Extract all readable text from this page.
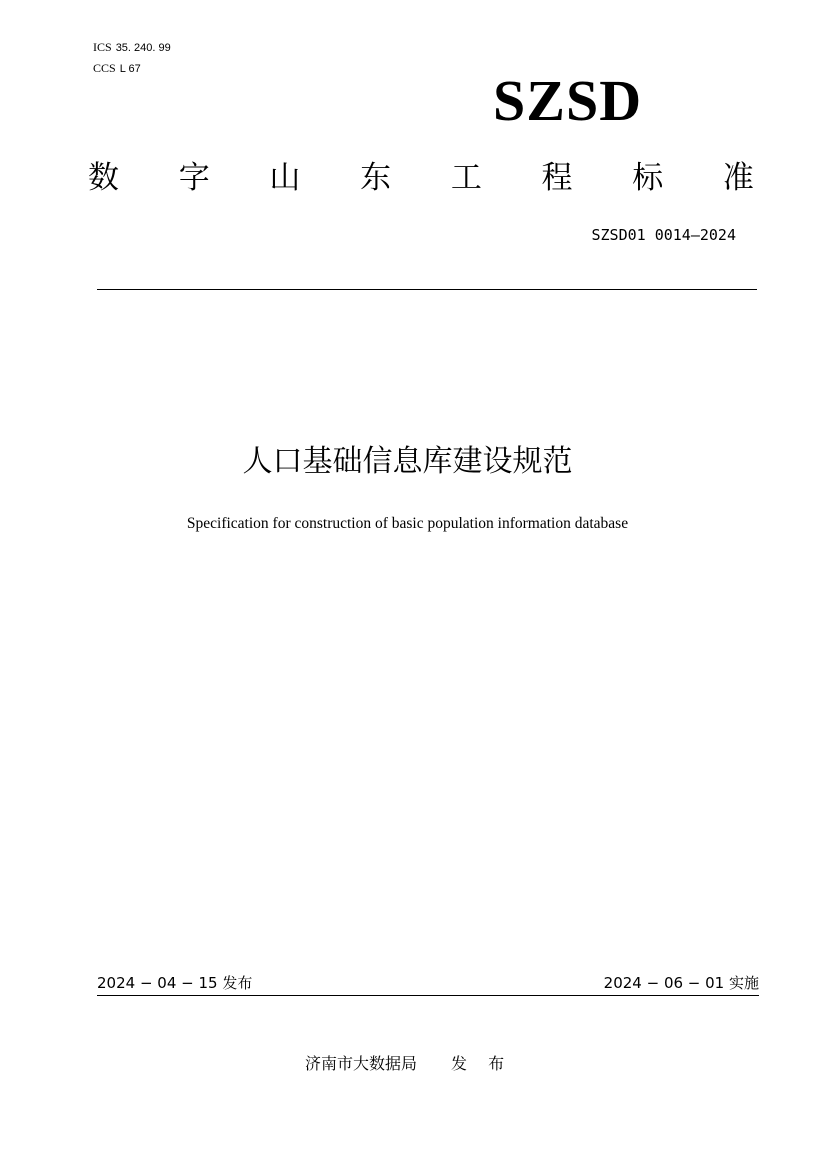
ICS 35. 240. 99
CCS L 67	SZSD
数 字 山 东 工 程 标 准
SZSD01 0014—2024
人口基础信息库建设规范
Specification for construction of basic population information database
2024 − 04 − 15 发布	2024 − 06 − 01 实施
济南市大数据局 发 布
